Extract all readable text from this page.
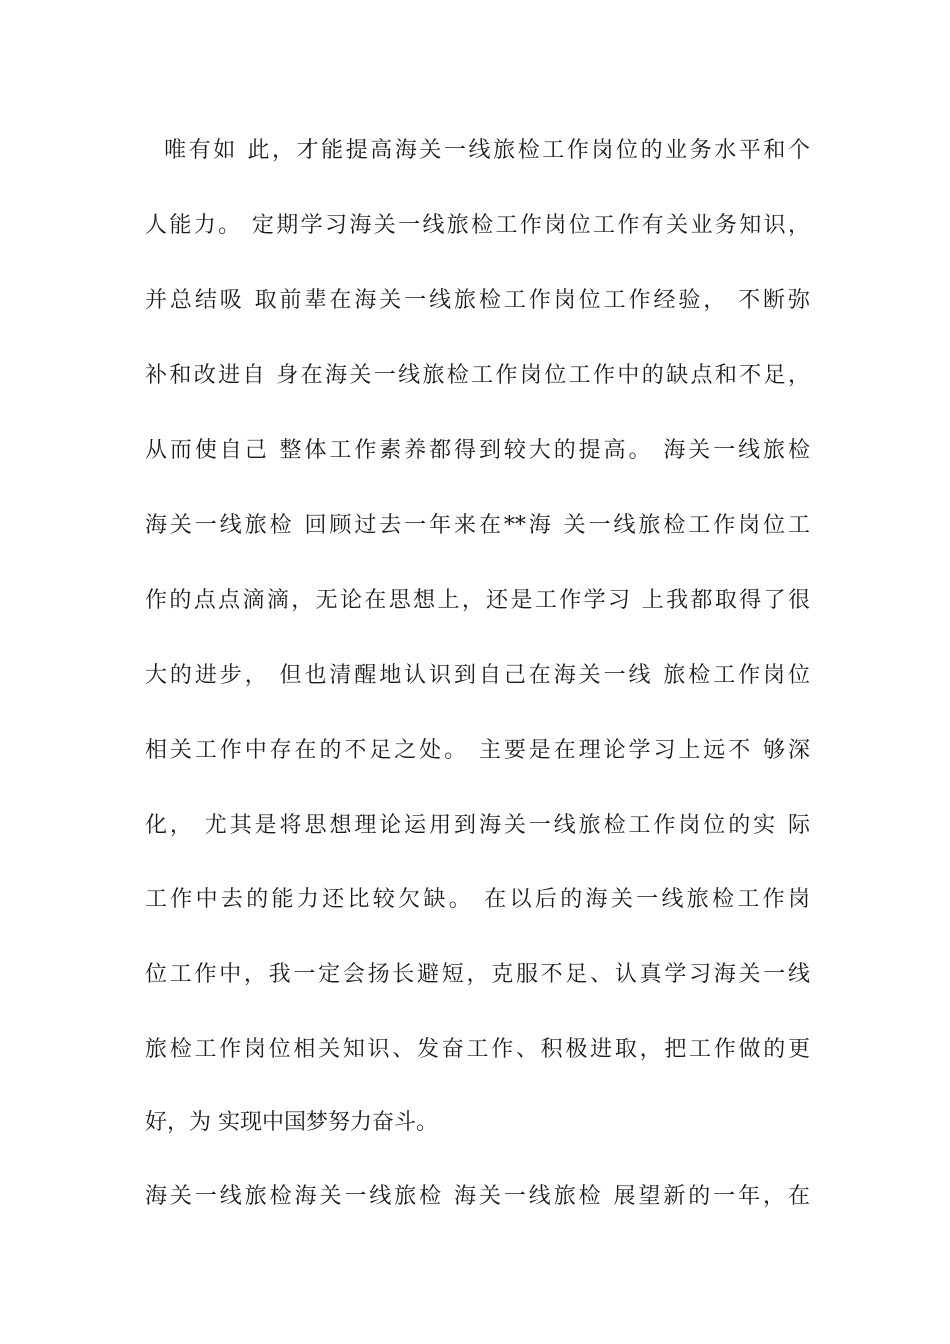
唯有如 此，才能提高海关一线旅检工作岗位的业务水平和个
人能力。 定期学习海关一线旅检工作岗位工作有关业务知识，
并总结吸 取前辈在海关一线旅检工作岗位工作经验， 不断弥
补和改进自 身在海关一线旅检工作岗位工作中的缺点和不足，
从而使自己 整体工作素养都得到较大的提高。 海关一线旅检
海关一线旅检 回顾过去一年来在**海 关一线旅检工作岗位工
作的点点滴滴，无论在思想上，还是工作学习 上我都取得了很
大的进步， 但也清醒地认识到自己在海关一线 旅检工作岗位
相关工作中存在的不足之处。 主要是在理论学习上远不 够深
化， 尤其是将思想理论运用到海关一线旅检工作岗位的实 际
工作中去的能力还比较欠缺。 在以后的海关一线旅检工作岗
位工作中，我一定会扬长避短，克服不足、认真学习海关一线
旅检工作岗位相关知识、发奋工作、积极进取，把工作做的更
好，为 实现中国梦努力奋斗。
海关一线旅检海关一线旅检 海关一线旅检 展望新的一年，在
